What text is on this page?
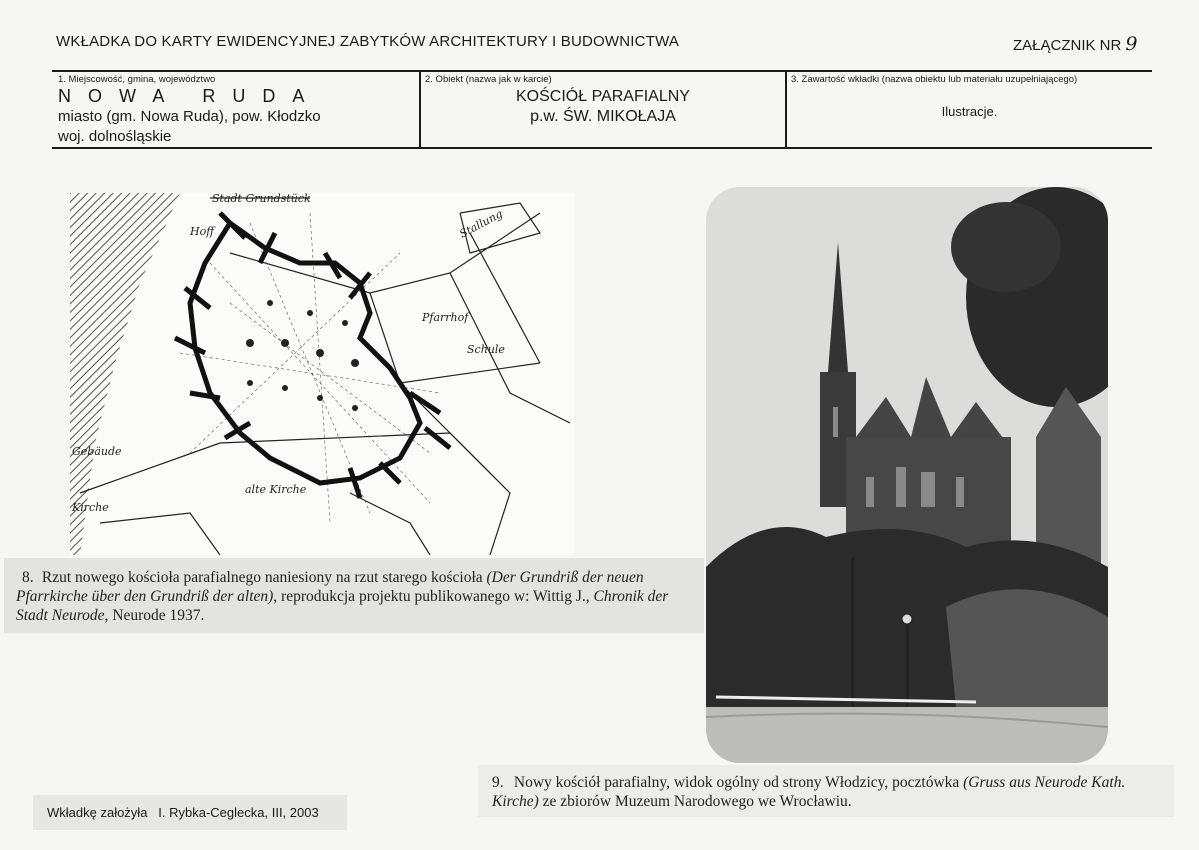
WKŁADKA DO KARTY EWIDENCYJNEJ ZABYTKÓW ARCHITEKTURY I BUDOWNICTWA	ZAŁĄCZNIK NR 9
1. Miejscowość, gmina, województwo
NOWA RUDA
miasto (gm. Nowa Ruda), pow. Kłodzko
woj. dolnośląskie
2. Obiekt (nazwa jak w karcie)
KOŚCIÓŁ PARAFIALNY
p.w. ŚW. MIKOŁAJA
3. Zawartość wkładki (nazwa obiektu lub materiału uzupełniającego)
Ilustracje.
Stadt Grundstück
Hoff	Stallung
Pfarrhof
Schule
Gebäude
alte Kirche
Kirche
8. Rzut nowego kościoła parafialnego naniesiony na rzut starego kościoła (Der Grundriß der neuen Pfarrkirche über den Grundriß der alten), reprodukcja projektu publikowanego w: Wittig J., Chronik der Stadt Neurode, Neurode 1937.
9. Nowy kościół parafialny, widok ogólny od strony Włodzicy, pocztówka (Gruss aus Neurode Kath. Kirche) ze zbiorów Muzeum Narodowego we Wrocławiu.
Wkładkę założyła I. Rybka-Ceglecka, III, 2003
